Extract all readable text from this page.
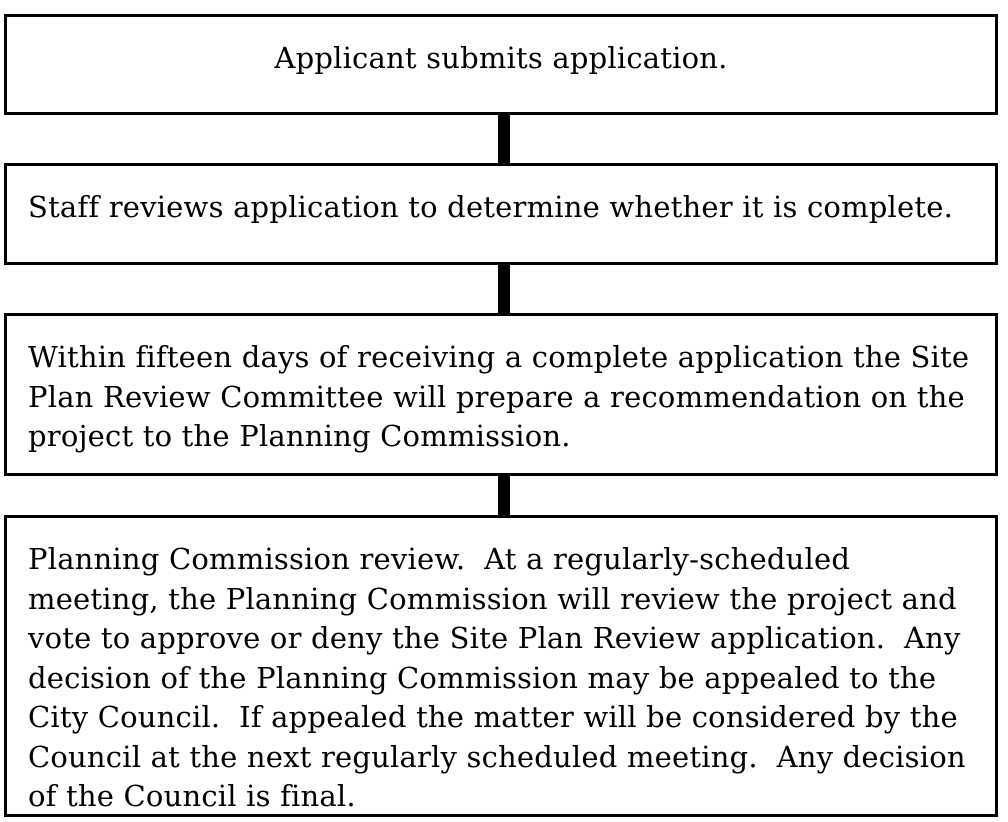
Applicant submits application.

Staff reviews application to determine whether it is complete.

Within fifteen days of receiving a complete application the Site Plan Review Committee will prepare a recommendation on the project to the Planning Commission.

Planning Commission review.  At a regularly-scheduled meeting, the Planning Commission will review the project and vote to approve or deny the Site Plan Review application.  Any decision of the Planning Commission may be appealed to the City Council.  If appealed the matter will be considered by the Council at the next regularly scheduled meeting.  Any decision of the Council is final.
